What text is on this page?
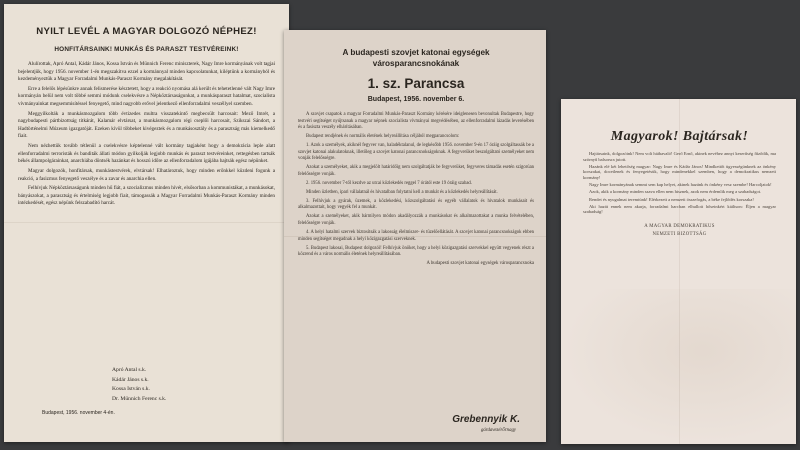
NYILT LEVÉL A MAGYAR DOLGOZÓ NÉPHEZ!
HONFITÁRSAINK! MUNKÁS ÉS PARASZT TESTVÉREINK!

Alulírottak, Apró Antal, Kádár János, Kossa István és Münnich Ferenc miniszterek, Nagy Imre kormányának volt tagjai bejelentjük, hogy 1956. november 1-én megszakítva ezzel a kormánnyal minden kapcsolatunkat, kiléptünk a kormányból és kezdeményeztük a Magyar Forradalmi Munkás-Paraszt Kormány megalakítását.

Erre a felelős lépésünkre annak felismerése késztetett, hogy a reakció nyomása alá került és tehetetlenné vált Nagy Imre kormányán belül nem volt többé semmi módunk cselekvésre a Népköztársaságunkat, a munkásparaszt hatalmat, szocialista vívmányainkat megsemmisítéssel fenyegető, mind nagyobb erővel jelentkező ellenforradalmi veszéllyel szemben.

Meggyilkolták a munkásmozgalom több évtizedes multra visszatekintő megbecsült harcosait: Mező Imrét, a nagybudapesti pártbizottság titkárát, Kalamár elvtársat, a munkásmozgalom régi cseplői harcosait, Szikszai Sándort, a Hadtörténelmi Múzeum igazgatóját. Ezeken kívül többeket kivégeztek és a munkásosztály és a parasztság más kiemelkedő fiait.

Nem nézhettük tovább tétlenül a cselekvésre képtelenné vált kormány tagjaként hogy a demokrácia leple alatt ellenforradalmi terroristák és banditák állati módon gyilkolják legjobb munkás és paraszt testvéreinket, rettegésben tartsák békés állampolgárainkat, anarchiába döntsék hazánkat és hosszú időre az ellenforradalom igájába hajtsák egész népünket.

Magyar dolgozók, honfitársak, munkástestvérek, elvtársak! Elhatároztuk, hogy minden erőnkkel küzdeni fogunk a reakció, a fasizmus fenyegető veszélye és a zavar és anarchia ellen.

Felhívjuk Népköztársaságunk minden hű fiát, a szocializmus minden hívét, elsősorban a kommunistákat, a munkásokat, bányászokat, a parasztság és értelmiség legjobb fiait, támogassák a Magyar Forradalmi Munkás-Paraszt Kormány minden intézkedését, egész népünk felszabadító harcát.

Apró Antal s.k.
Kádár János s.k.
Kossa István s.k.
Dr. Münnich Ferenc s.k.
Budapest, 1956. november 4-én.
A budapesti szovjet katonai egységek
városparancsnokának
1. sz. Parancsa
Budapest, 1956. november 6.

A szovjet csapatok a magyar Forradalmi Munkás-Paraszt Kormány kérésére ideiglenesen bevonultak Budapestre, hogy testvéri segítséget nyújtsanak a magyar népnek szocialista vívmányai megvédésében, az ellenforradalmi lázadás leverésében és a fasiszta veszély elhárításában.

Budapest rendjének és normális életének helyreállítása céljából megparancsolom:

1. Azok a személyek, akiknél fegyver van, haladéktalanul, de legkésőbb 1956. november 9-én 17 óráig szolgáltassák be a szovjet katonai alakulatoknak, illetőleg a szovjet katonai parancsnokságoknak. A fegyverüket beszolgáltató személyeket nem vonják felelősségre.

Azokat a személyeket, akik a megjelölt határidőig nem szolgáltatják be fegyverüket, fegyveres támadás esetén szigorúan felelősségre vonják.

2. 1956. november 7-től kezdve az utcai közlekedés reggel 7 órától este 19 óráig szabad.

Minden üzletben, ipari vállalatnál és hivatalban folytatni kell a munkát és a közlekedés helyreállítását.

3. Felhívjuk a gyárak, üzemek, a közlekedési, közszolgáltatási és egyéb vállalatok és hivatalok munkásait és alkalmazottait, hogy vegyék fel a munkát.

Azokat a személyeket, akik bármilyen módon akadályozzák a munkásokat és alkalmazottakat a munka felvételében, felelősségre vonják.

4. A helyi hatalmi szervek biztosítsák a lakosság élelmiszer- és tüzelőellátását. A szovjet katonai parancsnokságok ebben minden segítséget megadnak a helyi közigazgatási szerveknek.

5. Budapest lakosai, Budapest dolgozói! Felhívjuk önöket, hogy a helyi közigazgatási szervekkel együtt vegyenek részt a közrend és a város normális életének helyreállításában.

A budapesti szovjet katonai egységek városparancsnoka
Grebennyik K.
gárdavezérőrnagy
Magyarok! Bajtársak!

Hajtársaink, dolgozóink! Nem volt hiábavaló! Gerő Ernő, akinek nevéhez annyi keserűség fűződik, ma szörnyű balsorsra jutott.

Hazánk elé két lehetőség magyar: Nagy Imre és Kádár János! Mindkettőt ügyességünknek az önkény korszakai, docetlenek és fenyegetésük, hogy mindenekkel szemben, hogy a demokratikus nemzeti kormány!

Nagy Imre kormányának semmi sem kap helyet, akinek hazánk és önkény vesz szembe! Harcoljatok!

Azok, akik a kormány minden szava ellen nem hisznek, azok nem érdemlik meg a szabadságot.

Rendet és nyugalmat teremtünk! Elérkezett a nemzeti összefogás, a béke fejlődés korszaka!

Aki hazát ennek nem akarja, forradalmi harcban elhullott hőseinkért kiáltson: Éljen a magyar szabadság!

A MAGYAR DEMOKRATIKUS
NEMZETI BIZOTTSÁG
